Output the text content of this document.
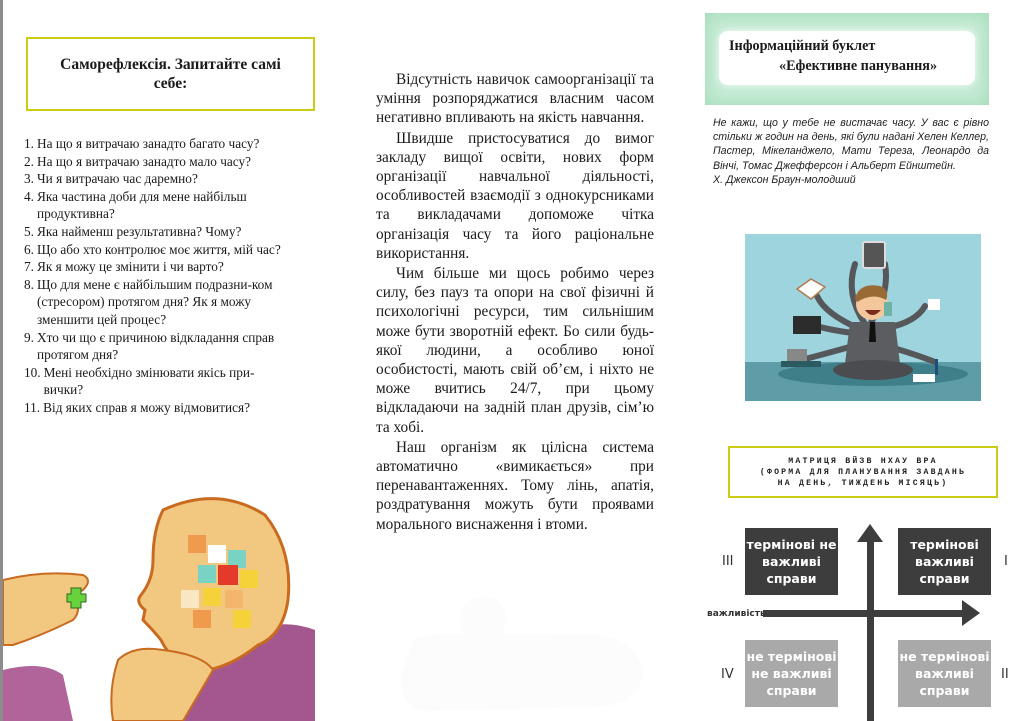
Саморефлексія. Запитайте самі себе:
1. На що я витрачаю занадто багато часу?
2. На що я витрачаю занадто мало часу?
3. Чи я витрачаю час даремно?
4. Яка частина доби для мене найбільш продуктивна?
5. Яка найменш результативна? Чому?
6. Що або хто контролює моє життя, мій час?
7. Як я можу це змінити і чи варто?
8. Що для мене є найбільшим подразни-ком (стресором) протягом дня? Як я можу зменшити цей процес?
9. Хто чи що є причиною відкладання справ протягом дня?
10. Мені необхідно змінювати якісь при-вички?
11. Від яких справ я можу відмовитися?

Відсутність навичок самоорганізації та уміння розпоряджатися власним часом негативно впливають на якість навчання.

Швидше пристосуватися до вимог закладу вищої освіти, нових форм організації навчальної діяльності, особливостей взаємодії з однокурсниками та викладачами допоможе чітка організація часу та його раціональне використання.

Чим більше ми щось робимо через силу, без пауз та опори на свої фізичні й психологічні ресурси, тим сильнішим може бути зворотній ефект. Бо сили будь-якої людини, а особливо юної особистості, мають свій об’єм, і ніхто не може вчитись 24/7, при цьому відкладаючи на задній план друзів, сім’ю та хобі.

Наш організм як цілісна система автоматично «вимикається» при перенавантаженнях. Тому лінь, апатія, роздратування можуть бути проявами морального виснаження і втоми.

Інформаційний буклет
«Ефективне панування»
Не кажи, що у тебе не вистачає часу. У вас є рівно стільки ж годин на день, які були надані Хелен Келлер, Пастер, Мікеланджело, Мати Тереза, Леонардо да Вінчі, Томас Джефферсон і Альберт Ейнштейн.
Х. Джексон Браун-молодший
МАТРИЦЯ ВЙЗВ НХАУ ВРА
(ФОРМА ДЛЯ ПЛАНУВАННЯ ЗАВДАНЬ
НА ДЕНЬ, ТИЖДЕНЬ МІСЯЦЬ)
важливість
III
термінові не важливі справи
термінові важливі справи
I
IV
не термінові не важливі справи
не термінові важливі справи
II
